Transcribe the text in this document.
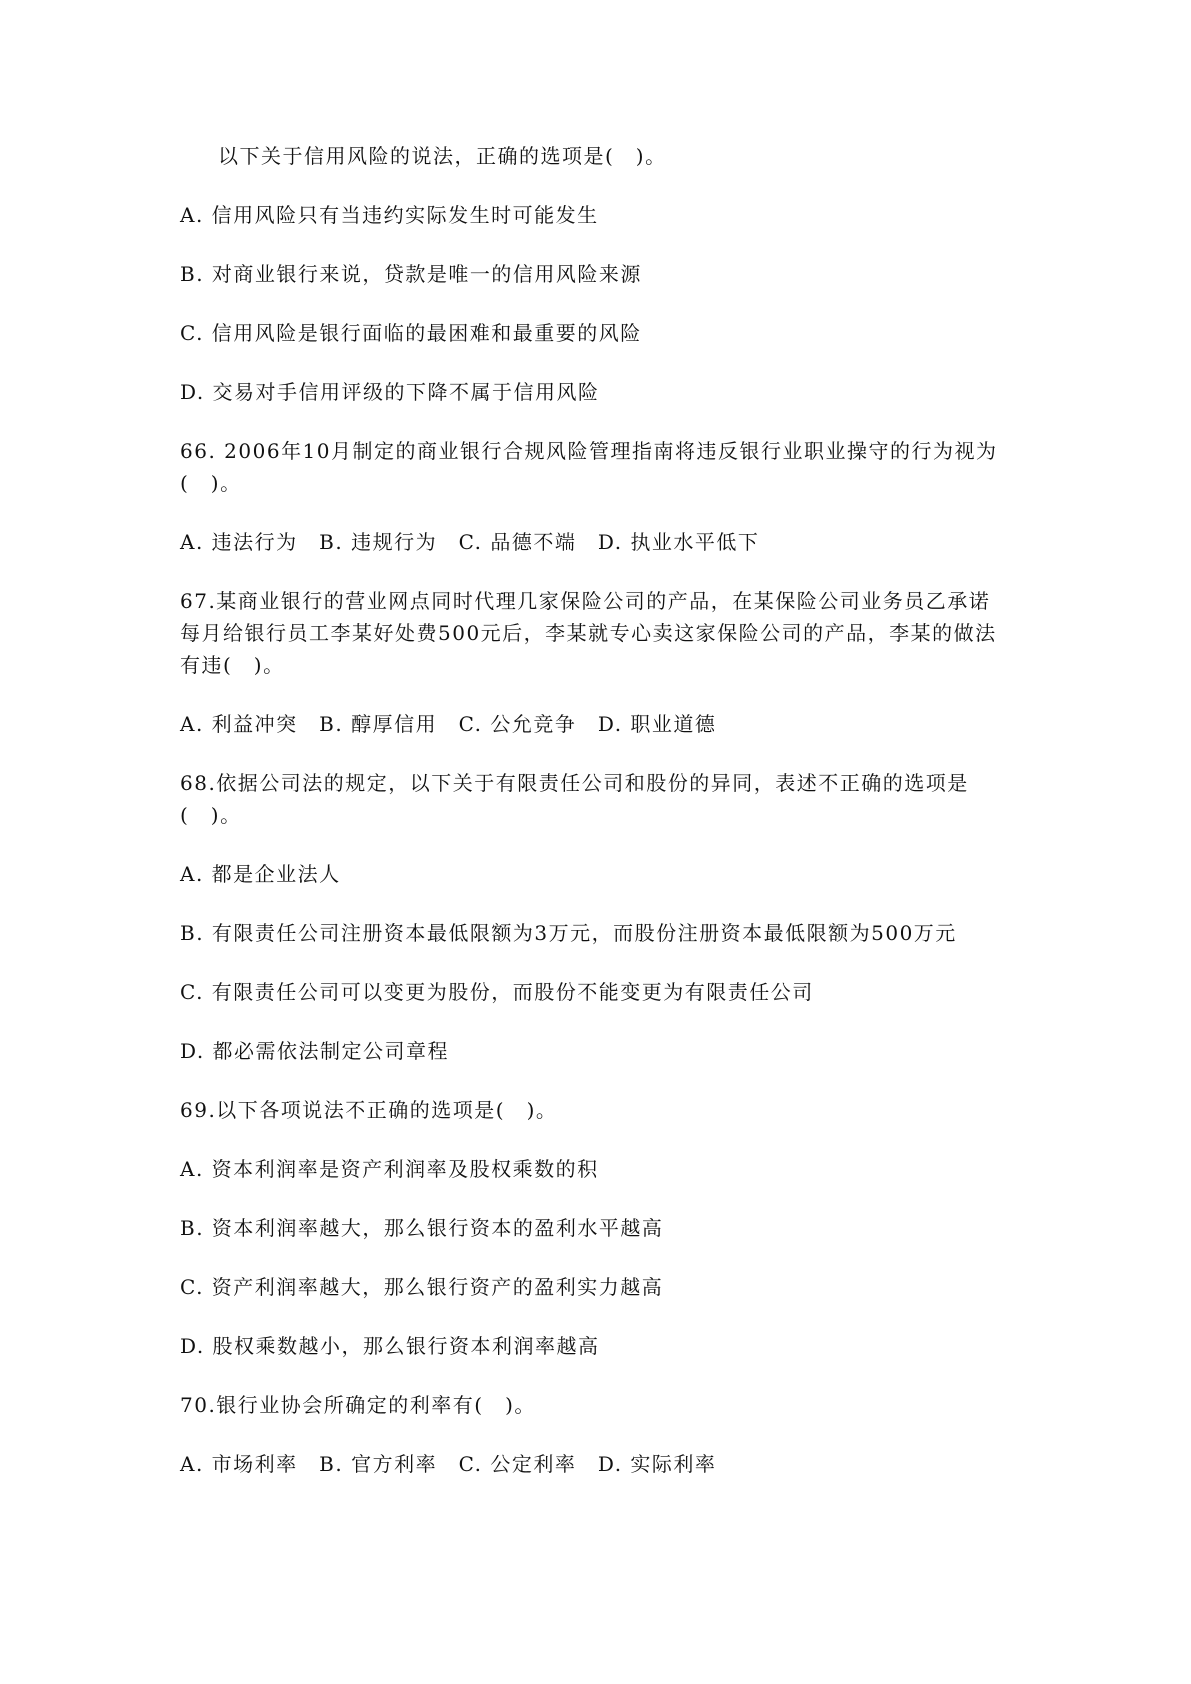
以下关于信用风险的说法，正确的选项是(　)。

A. 信用风险只有当违约实际发生时可能发生

B. 对商业银行来说，贷款是唯一的信用风险来源

C. 信用风险是银行面临的最困难和最重要的风险

D. 交易对手信用评级的下降不属于信用风险

66. 2006年10月制定的商业银行合规风险管理指南将违反银行业职业操守的行为视为(　)。

A. 违法行为　B. 违规行为　C. 品德不端　D. 执业水平低下

67.某商业银行的营业网点同时代理几家保险公司的产品，在某保险公司业务员乙承诺每月给银行员工李某好处费500元后，李某就专心卖这家保险公司的产品，李某的做法有违(　)。

A. 利益冲突　B. 醇厚信用　C. 公允竞争　D. 职业道德

68.依据公司法的规定，以下关于有限责任公司和股份的异同，表述不正确的选项是(　)。

A. 都是企业法人

B. 有限责任公司注册资本最低限额为3万元，而股份注册资本最低限额为500万元

C. 有限责任公司可以变更为股份，而股份不能变更为有限责任公司

D. 都必需依法制定公司章程

69.以下各项说法不正确的选项是(　)。

A. 资本利润率是资产利润率及股权乘数的积

B. 资本利润率越大，那么银行资本的盈利水平越高

C. 资产利润率越大，那么银行资产的盈利实力越高

D. 股权乘数越小，那么银行资本利润率越高

70.银行业协会所确定的利率有(　)。

A. 市场利率　B. 官方利率　C. 公定利率　D. 实际利率
